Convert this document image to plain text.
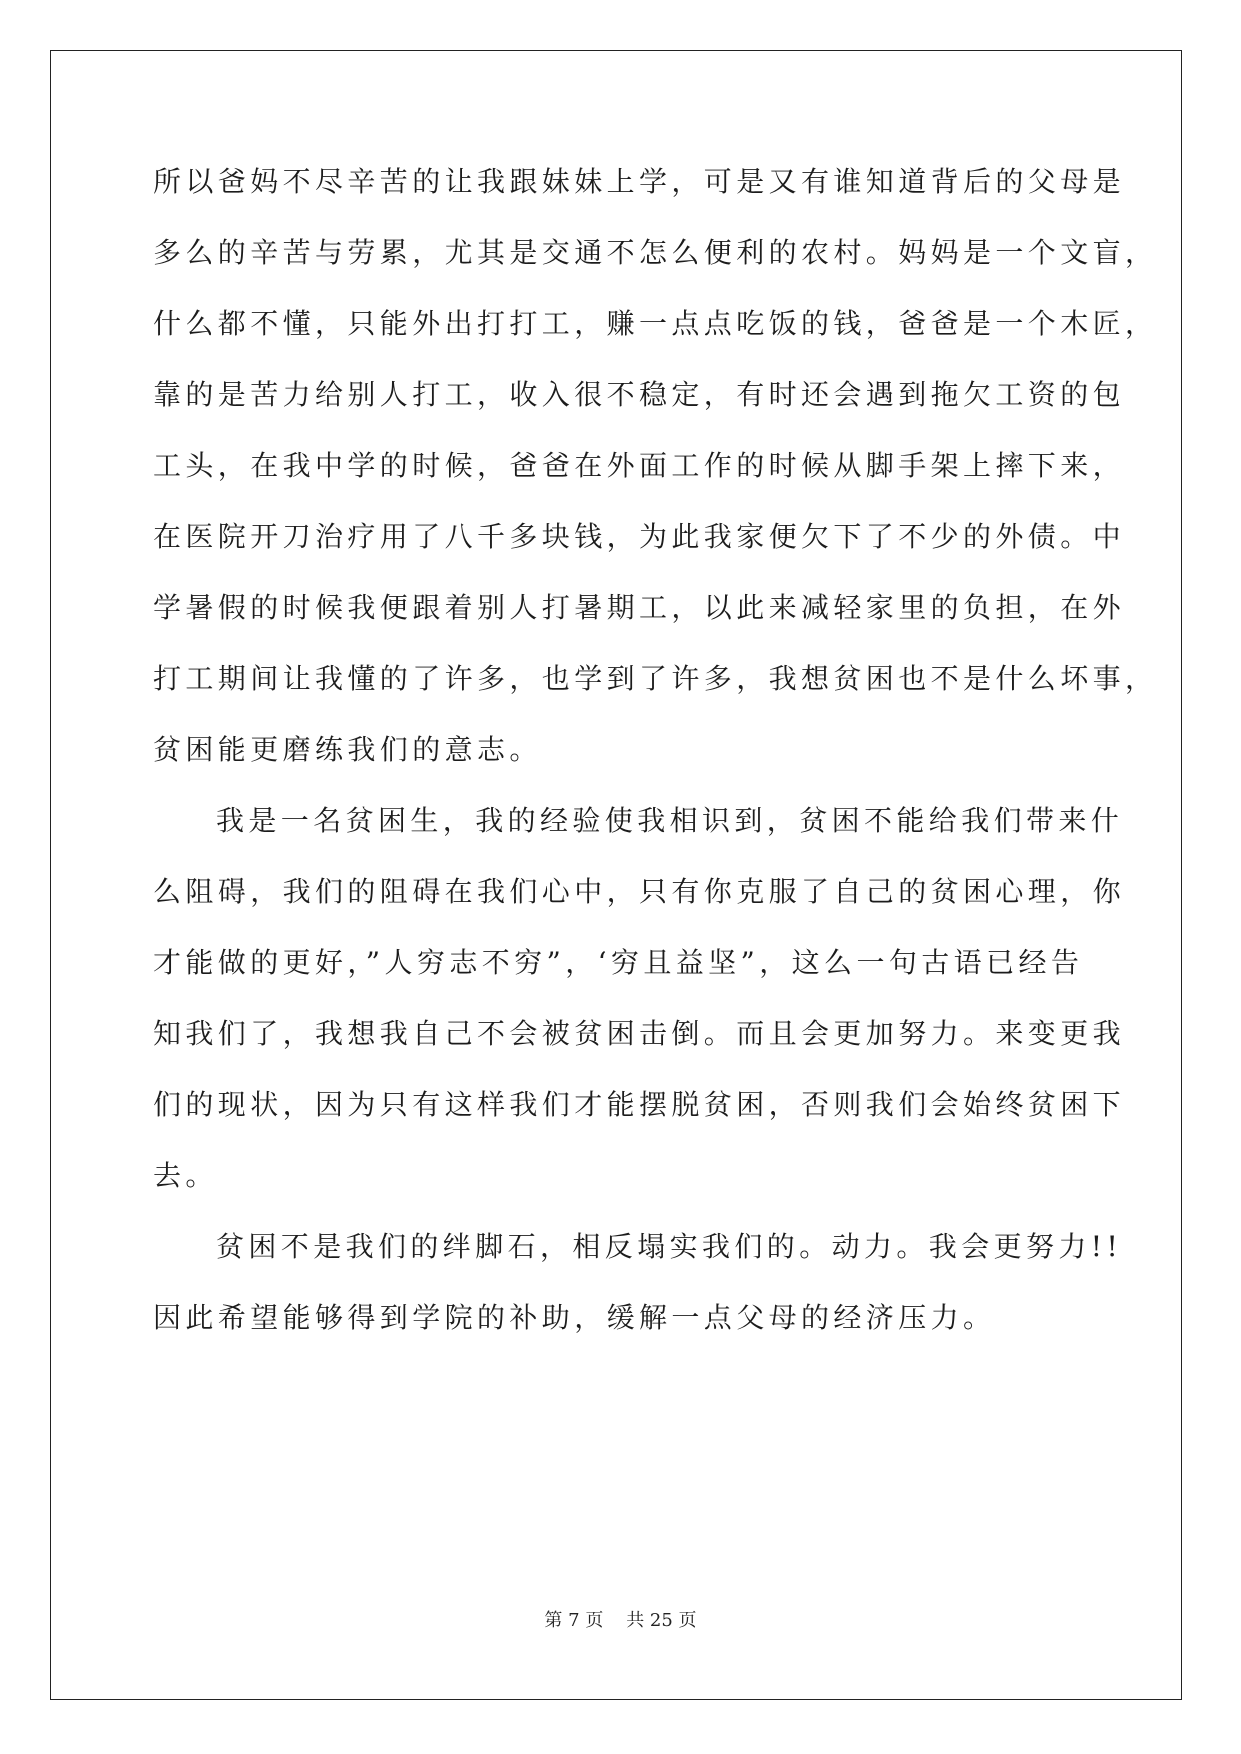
所以爸妈不尽辛苦的让我跟妹妹上学，可是又有谁知道背后的父母是
多么的辛苦与劳累，尤其是交通不怎么便利的农村。妈妈是一个文盲，
什么都不懂，只能外出打打工，赚一点点吃饭的钱，爸爸是一个木匠，
靠的是苦力给别人打工，收入很不稳定，有时还会遇到拖欠工资的包
工头，在我中学的时候，爸爸在外面工作的时候从脚手架上摔下来，
在医院开刀治疗用了八千多块钱，为此我家便欠下了不少的外债。中
学暑假的时候我便跟着别人打暑期工，以此来减轻家里的负担，在外
打工期间让我懂的了许多，也学到了许多，我想贫困也不是什么坏事，
贫困能更磨练我们的意志。
我是一名贫困生，我的经验使我相识到，贫困不能给我们带来什
么阻碍，我们的阻碍在我们心中，只有你克服了自己的贫困心理，你
才能做的更好，”人穷志不穷”，‘穷且益坚”，这么一句古语已经告
知我们了，我想我自己不会被贫困击倒。而且会更加努力。来变更我
们的现状，因为只有这样我们才能摆脱贫困，否则我们会始终贫困下
去。
贫困不是我们的绊脚石，相反塌实我们的。动力。我会更努力!!
因此希望能够得到学院的补助，缓解一点父母的经济压力。
第 7 页    共 25 页
